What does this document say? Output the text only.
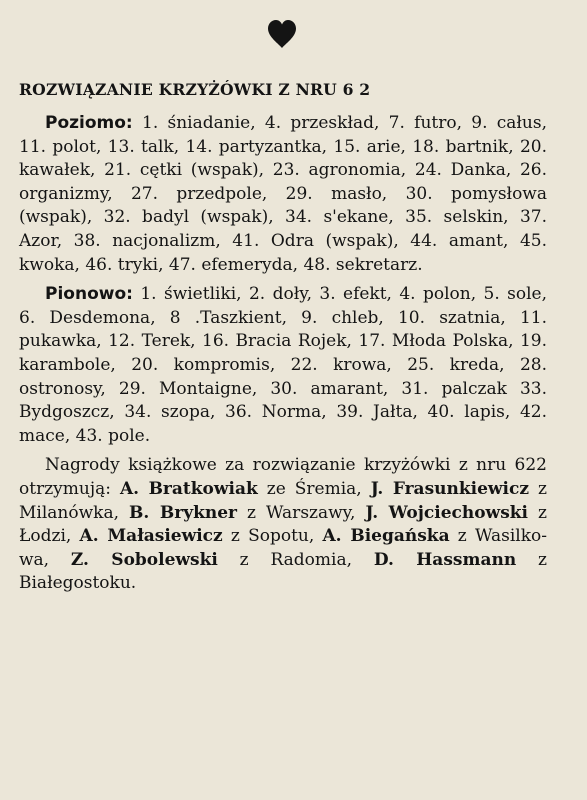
ROZWIĄZANIE KRZYŻÓWKI Z NRU 6 2

Poziomo: 1. śniadanie, 4. przeskład, 7. futro, 9. całus, 11. polot, 13. talk, 14. partyzantka, 15. arie, 18. bartnik, 20. kawałek, 21. cętki (wspak), 23. agronomia, 24. Danka, 26. organizmy, 27. przedpole, 29. masło, 30. pomysłowa (wspak), 32. badyl (wspak), 34. s'ekane, 35. selskin, 37. Azor, 38. nacjonalizm, 41. Odra (wspak), 44. amant, 45. kwoka, 46. tryki, 47. efemeryda, 48. sekretarz.

Pionowo: 1. świetliki, 2. doły, 3. efekt, 4. polon, 5. sole, 6. Desdemona, 8 .Taszkient, 9. chleb, 10. szatnia, 11. pukawka, 12. Terek, 16. Bracia Rojek, 17. Młoda Polska, 19. karambole, 20. kompromis, 22. krowa, 25. kreda, 28. ostronosy, 29. Montaigne, 30. amarant, 31. palczak 33. Bydgoszcz, 34. szopa, 36. Norma, 39. Jałta, 40. lapis, 42. mace, 43. pole.

Nagrody książkowe za rozwiązanie krzyżówki z nru 622 otrzymują: A. Bratkowiak ze Śremia, J. Frasunkiewicz z Milanówka, B. Brykner z Warszawy, J. Wojciechowski z Łodzi, A. Małasiewicz z Sopotu, A. Biegańska z Wasilkowa, Z. Sobolewski z Radomia, D. Hassmann z Białegostoku.
